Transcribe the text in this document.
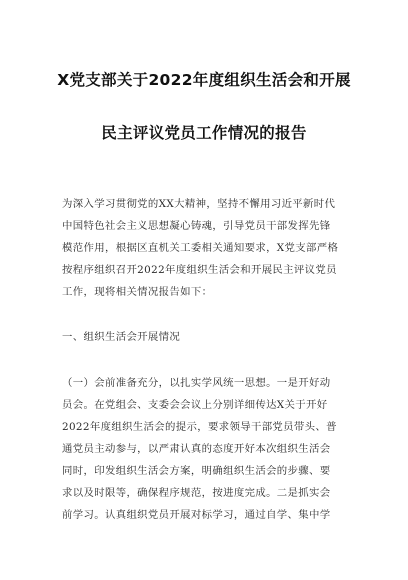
X党支部关于2022年度组织生活会和开展
民主评议党员工作情况的报告
为深入学习贯彻党的XX大精神，坚持不懈用习近平新时代
中国特色社会主义思想凝心铸魂，引导党员干部发挥先锋
模范作用，根据区直机关工委相关通知要求，X党支部严格
按程序组织召开2022年度组织生活会和开展民主评议党员
工作，现将相关情况报告如下：
一、组织生活会开展情况
（一）会前准备充分，以扎实学风统一思想。一是开好动
员会。在党组会、支委会会议上分别详细传达X关于开好
2022年度组织生活会的提示，要求领导干部党员带头、普
通党员主动参与，以严肃认真的态度开好本次组织生活会
同时，印发组织生活会方案，明确组织生活会的步骤、要
求以及时限等，确保程序规范，按进度完成。二是抓实会
前学习。认真组织党员开展对标学习，通过自学、集中学
